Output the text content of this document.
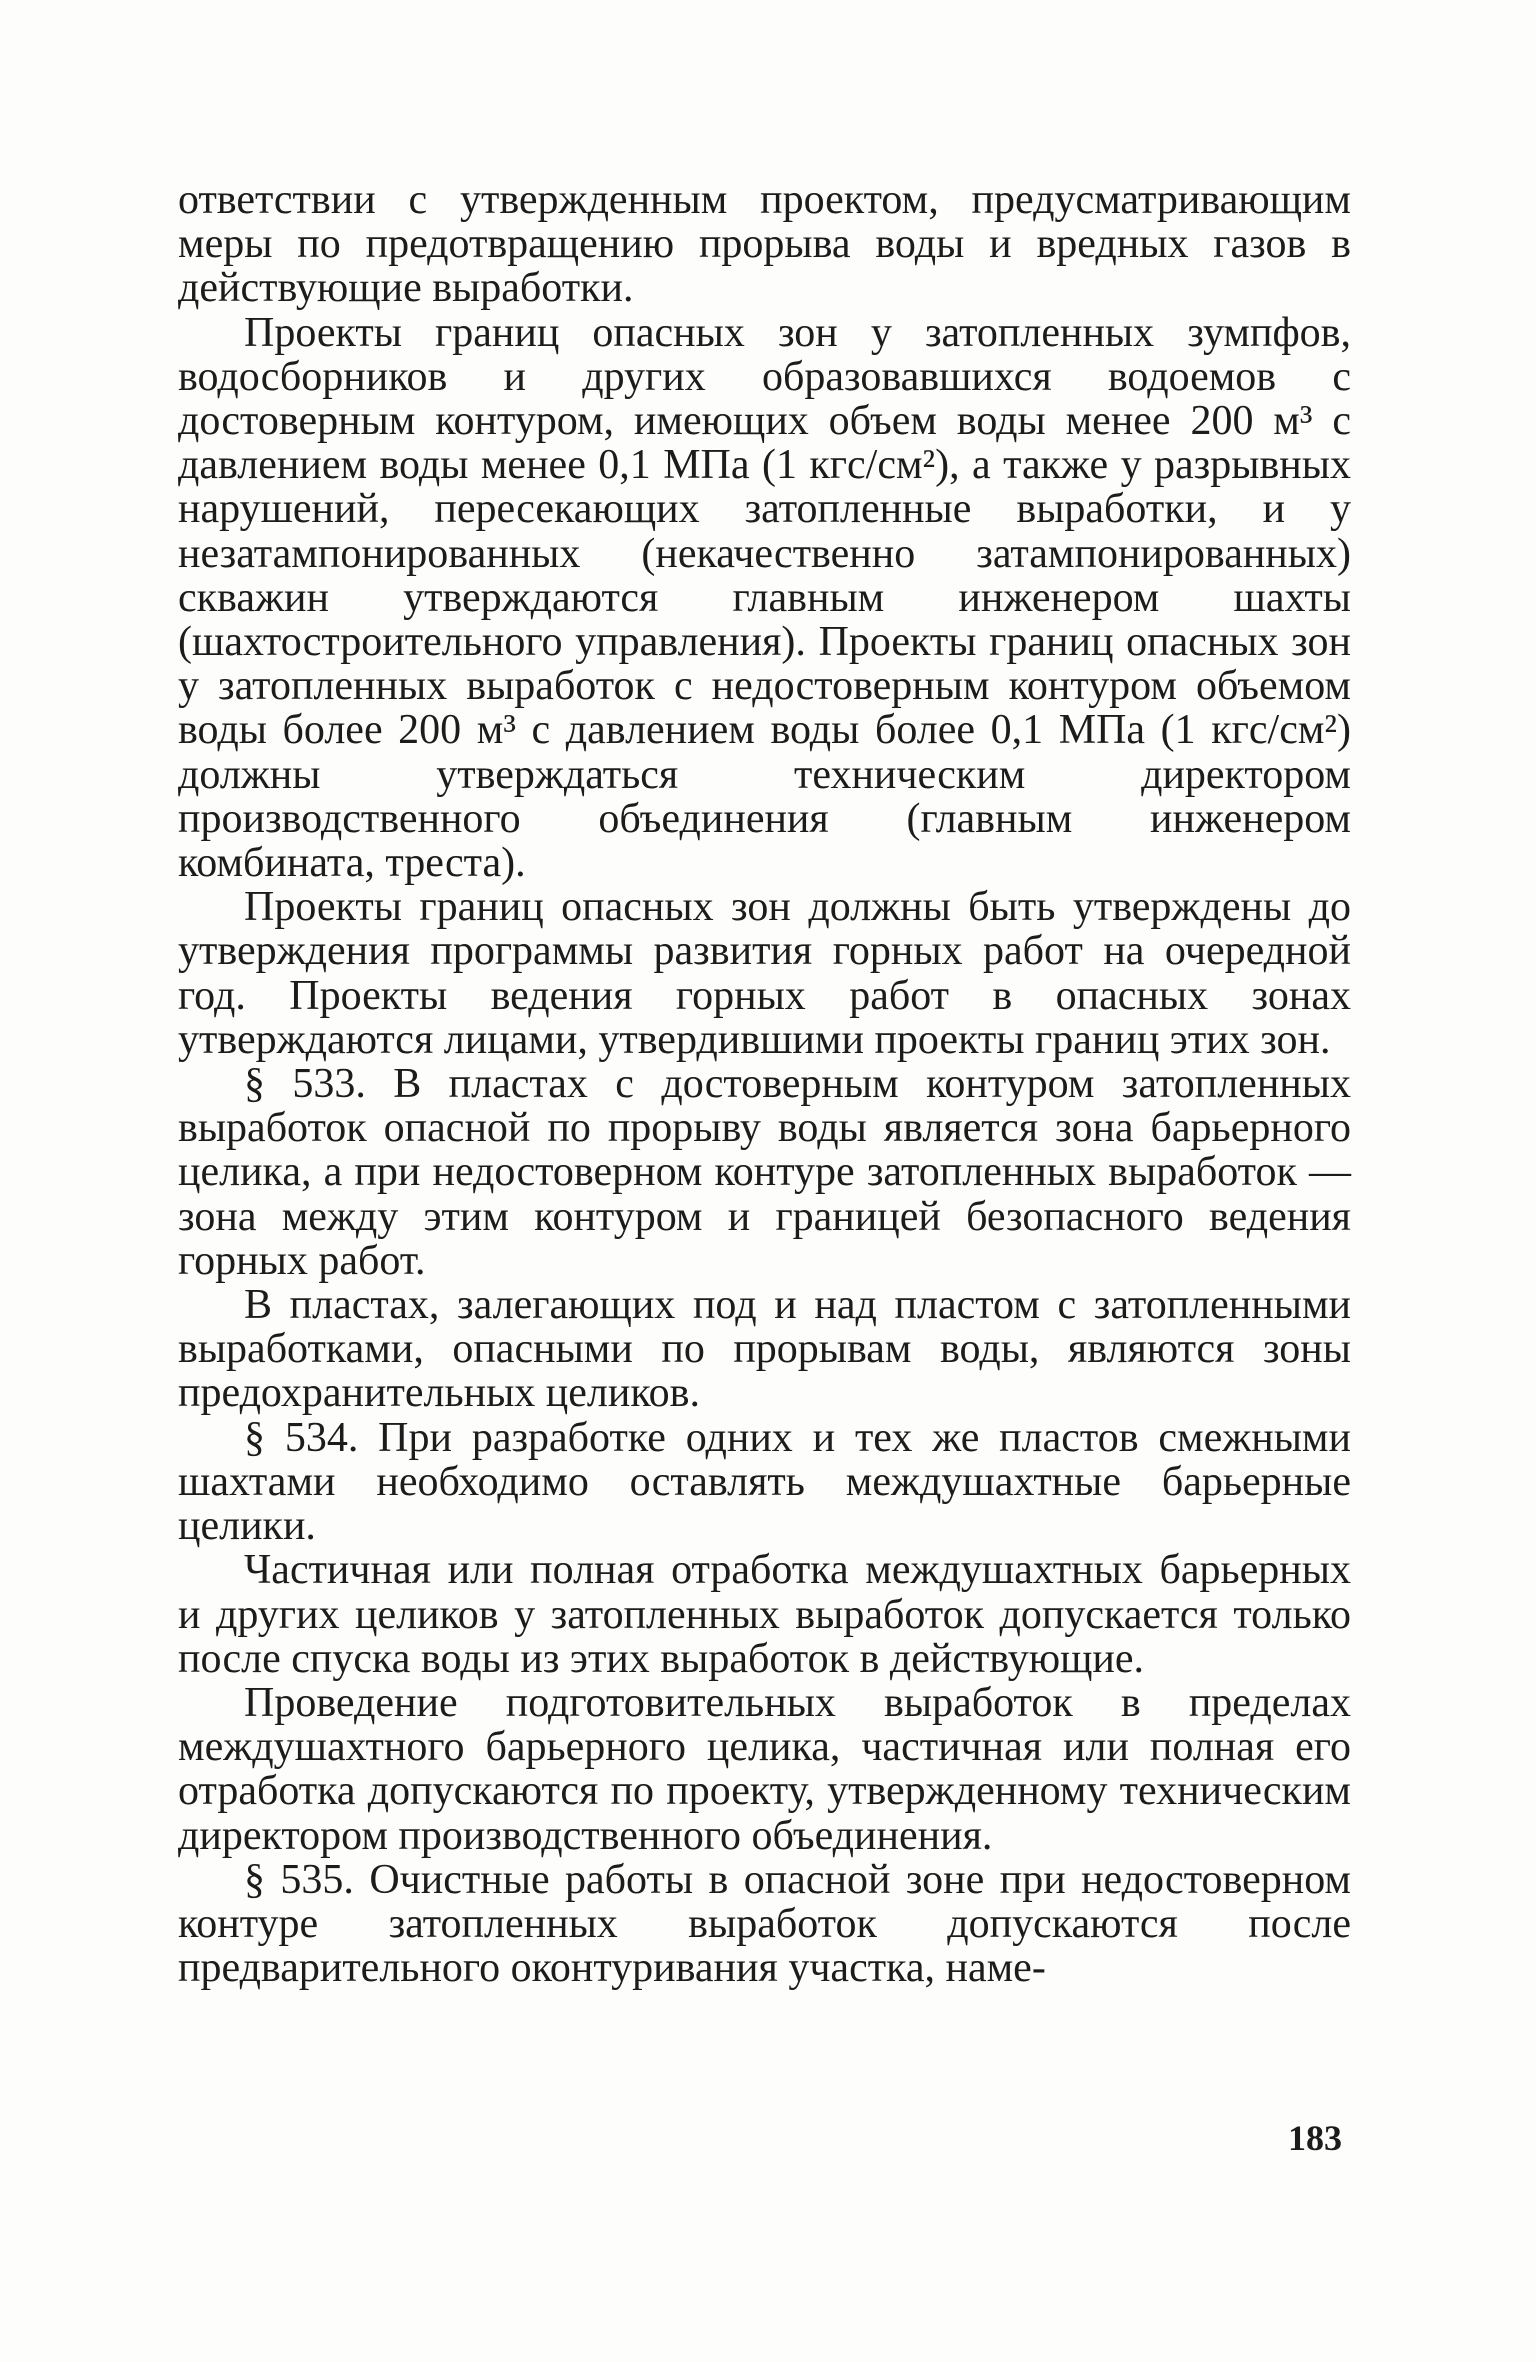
ответствии с утвержденным проектом, предусматривающим меры по предотвращению прорыва воды и вредных газов в действующие выработки.

Проекты границ опасных зон у затопленных зумпфов, водосборников и других образовавшихся водоемов с достоверным контуром, имеющих объем воды менее 200 м³ с давлением воды менее 0,1 МПа (1 кгс/см²), а также у разрывных нарушений, пересекающих затопленные выработки, и у незатампонированных (некачественно затампонированных) скважин утверждаются главным инженером шахты (шахтостроительного управления). Проекты границ опасных зон у затопленных выработок с недостоверным контуром объемом воды более 200 м³ с давлением воды более 0,1 МПа (1 кгс/см²) должны утверждаться техническим директором производственного объединения (главным инженером комбината, треста).

Проекты границ опасных зон должны быть утверждены до утверждения программы развития горных работ на очередной год. Проекты ведения горных работ в опасных зонах утверждаются лицами, утвердившими проекты границ этих зон.

§ 533. В пластах с достоверным контуром затопленных выработок опасной по прорыву воды является зона барьерного целика, а при недостоверном контуре затопленных выработок — зона между этим контуром и границей безопасного ведения горных работ.

В пластах, залегающих под и над пластом с затопленными выработками, опасными по прорывам воды, являются зоны предохранительных целиков.

§ 534. При разработке одних и тех же пластов смежными шахтами необходимо оставлять междушахтные барьерные целики.

Частичная или полная отработка междушахтных барьерных и других целиков у затопленных выработок допускается только после спуска воды из этих выработок в действующие.

Проведение подготовительных выработок в пределах междушахтного барьерного целика, частичная или полная его отработка допускаются по проекту, утвержденному техническим директором производственного объединения.

§ 535. Очистные работы в опасной зоне при недостоверном контуре затопленных выработок допускаются после предварительного оконтуривания участка, наме-

183
